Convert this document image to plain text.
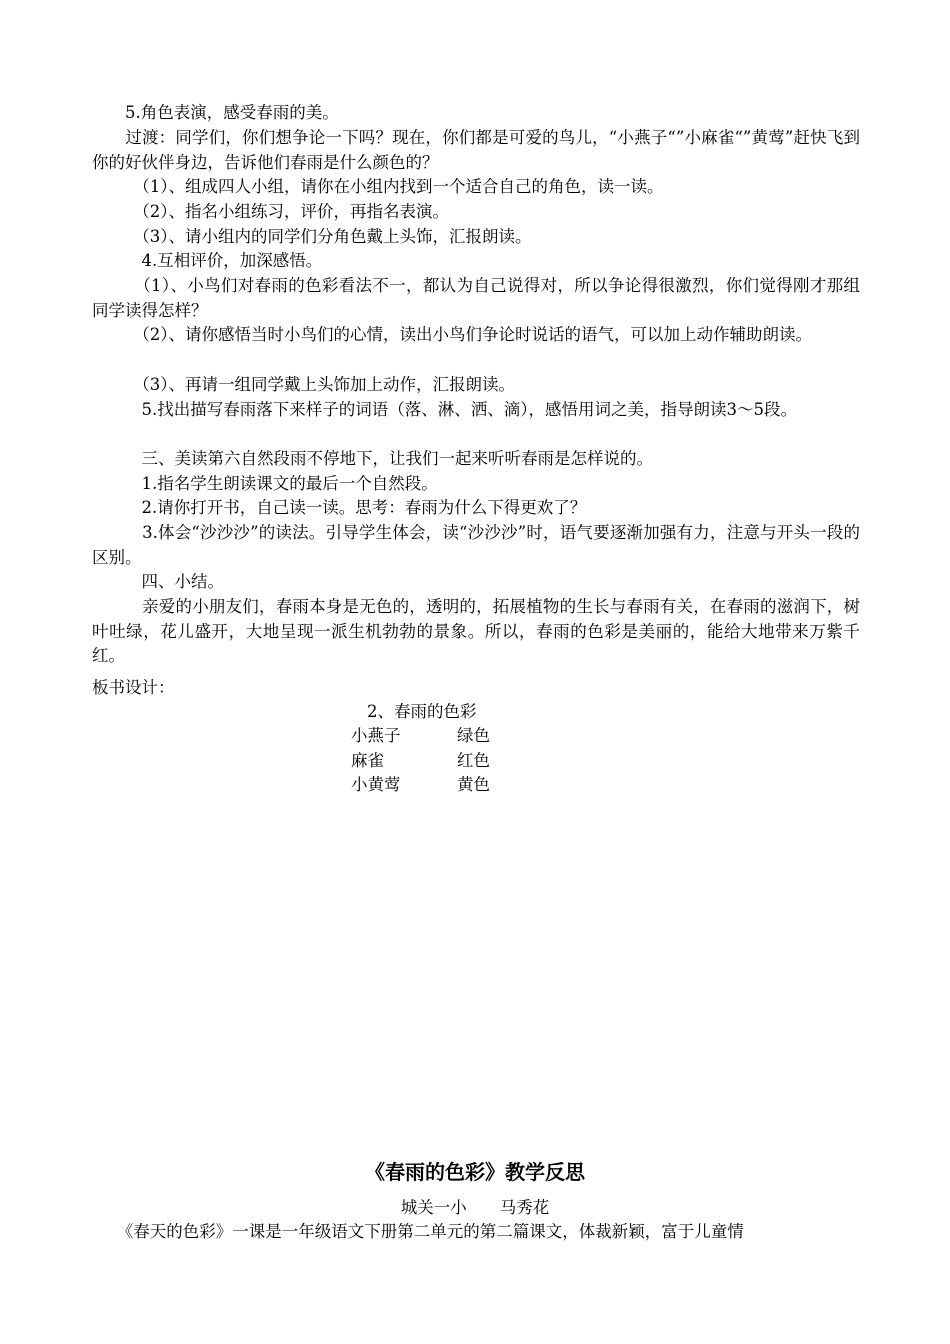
　　5.角色表演，感受春雨的美。

　　过渡：同学们，你们想争论一下吗？现在，你们都是可爱的鸟儿，“小燕子“”小麻雀“”黄莺”赶快飞到你的好伙伴身边，告诉他们春雨是什么颜色的？

　　　（1）、组成四人小组，请你在小组内找到一个适合自己的角色，读一读。

　　　（2）、指名小组练习，评价，再指名表演。

　　　（3）、请小组内的同学们分角色戴上头饰，汇报朗读。

　　　4.互相评价，加深感悟。

　　　（1）、小鸟们对春雨的色彩看法不一，都认为自己说得对，所以争论得很激烈，你们觉得刚才那组同学读得怎样？

　　　（2）、请你感悟当时小鸟们的心情，读出小鸟们争论时说话的语气，可以加上动作辅助朗读。

　　　（3）、再请一组同学戴上头饰加上动作，汇报朗读。

　　　5.找出描写春雨落下来样子的词语（落、淋、洒、滴），感悟用词之美，指导朗读3～5段。

　　　三、美读第六自然段雨不停地下，让我们一起来听听春雨是怎样说的。

　　　1.指名学生朗读课文的最后一个自然段。

　　　2.请你打开书，自己读一读。思考：春雨为什么下得更欢了？

　　　3.体会“沙沙沙”的读法。引导学生体会，读“沙沙沙”时，语气要逐渐加强有力，注意与开头一段的区别。

　　　四、小结。

　　　亲爱的小朋友们，春雨本身是无色的，透明的，拓展植物的生长与春雨有关，在春雨的滋润下，树叶吐绿，花儿盛开，大地呈现一派生机勃勃的景象。所以，春雨的色彩是美丽的，能给大地带来万紫千红。

板书设计：

2、春雨的色彩
小燕子	绿色
麻雀	红色
小黄莺	黄色
《春雨的色彩》教学反思
城关一小　　马秀花

　　《春天的色彩》一课是一年级语文下册第二单元的第二篇课文，体裁新颖，富于儿童情
